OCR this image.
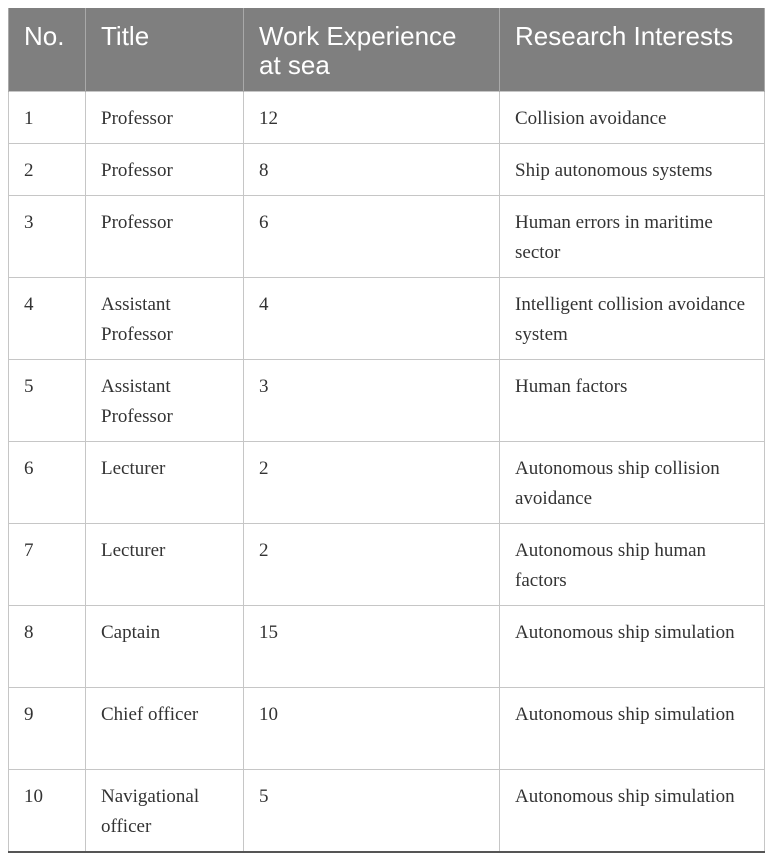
No.	Title	Work Experience at sea	Research Interests
1	Professor	12	Collision avoidance
2	Professor	8	Ship autonomous systems
3	Professor	6	Human errors in maritime sector
4	Assistant Professor	4	Intelligent collision avoidance system
5	Assistant Professor	3	Human factors
6	Lecturer	2	Autonomous ship collision avoidance
7	Lecturer	2	Autonomous ship human factors
8	Captain	15	Autonomous ship simulation
9	Chief officer	10	Autonomous ship simulation
10	Navigational officer	5	Autonomous ship simulation
